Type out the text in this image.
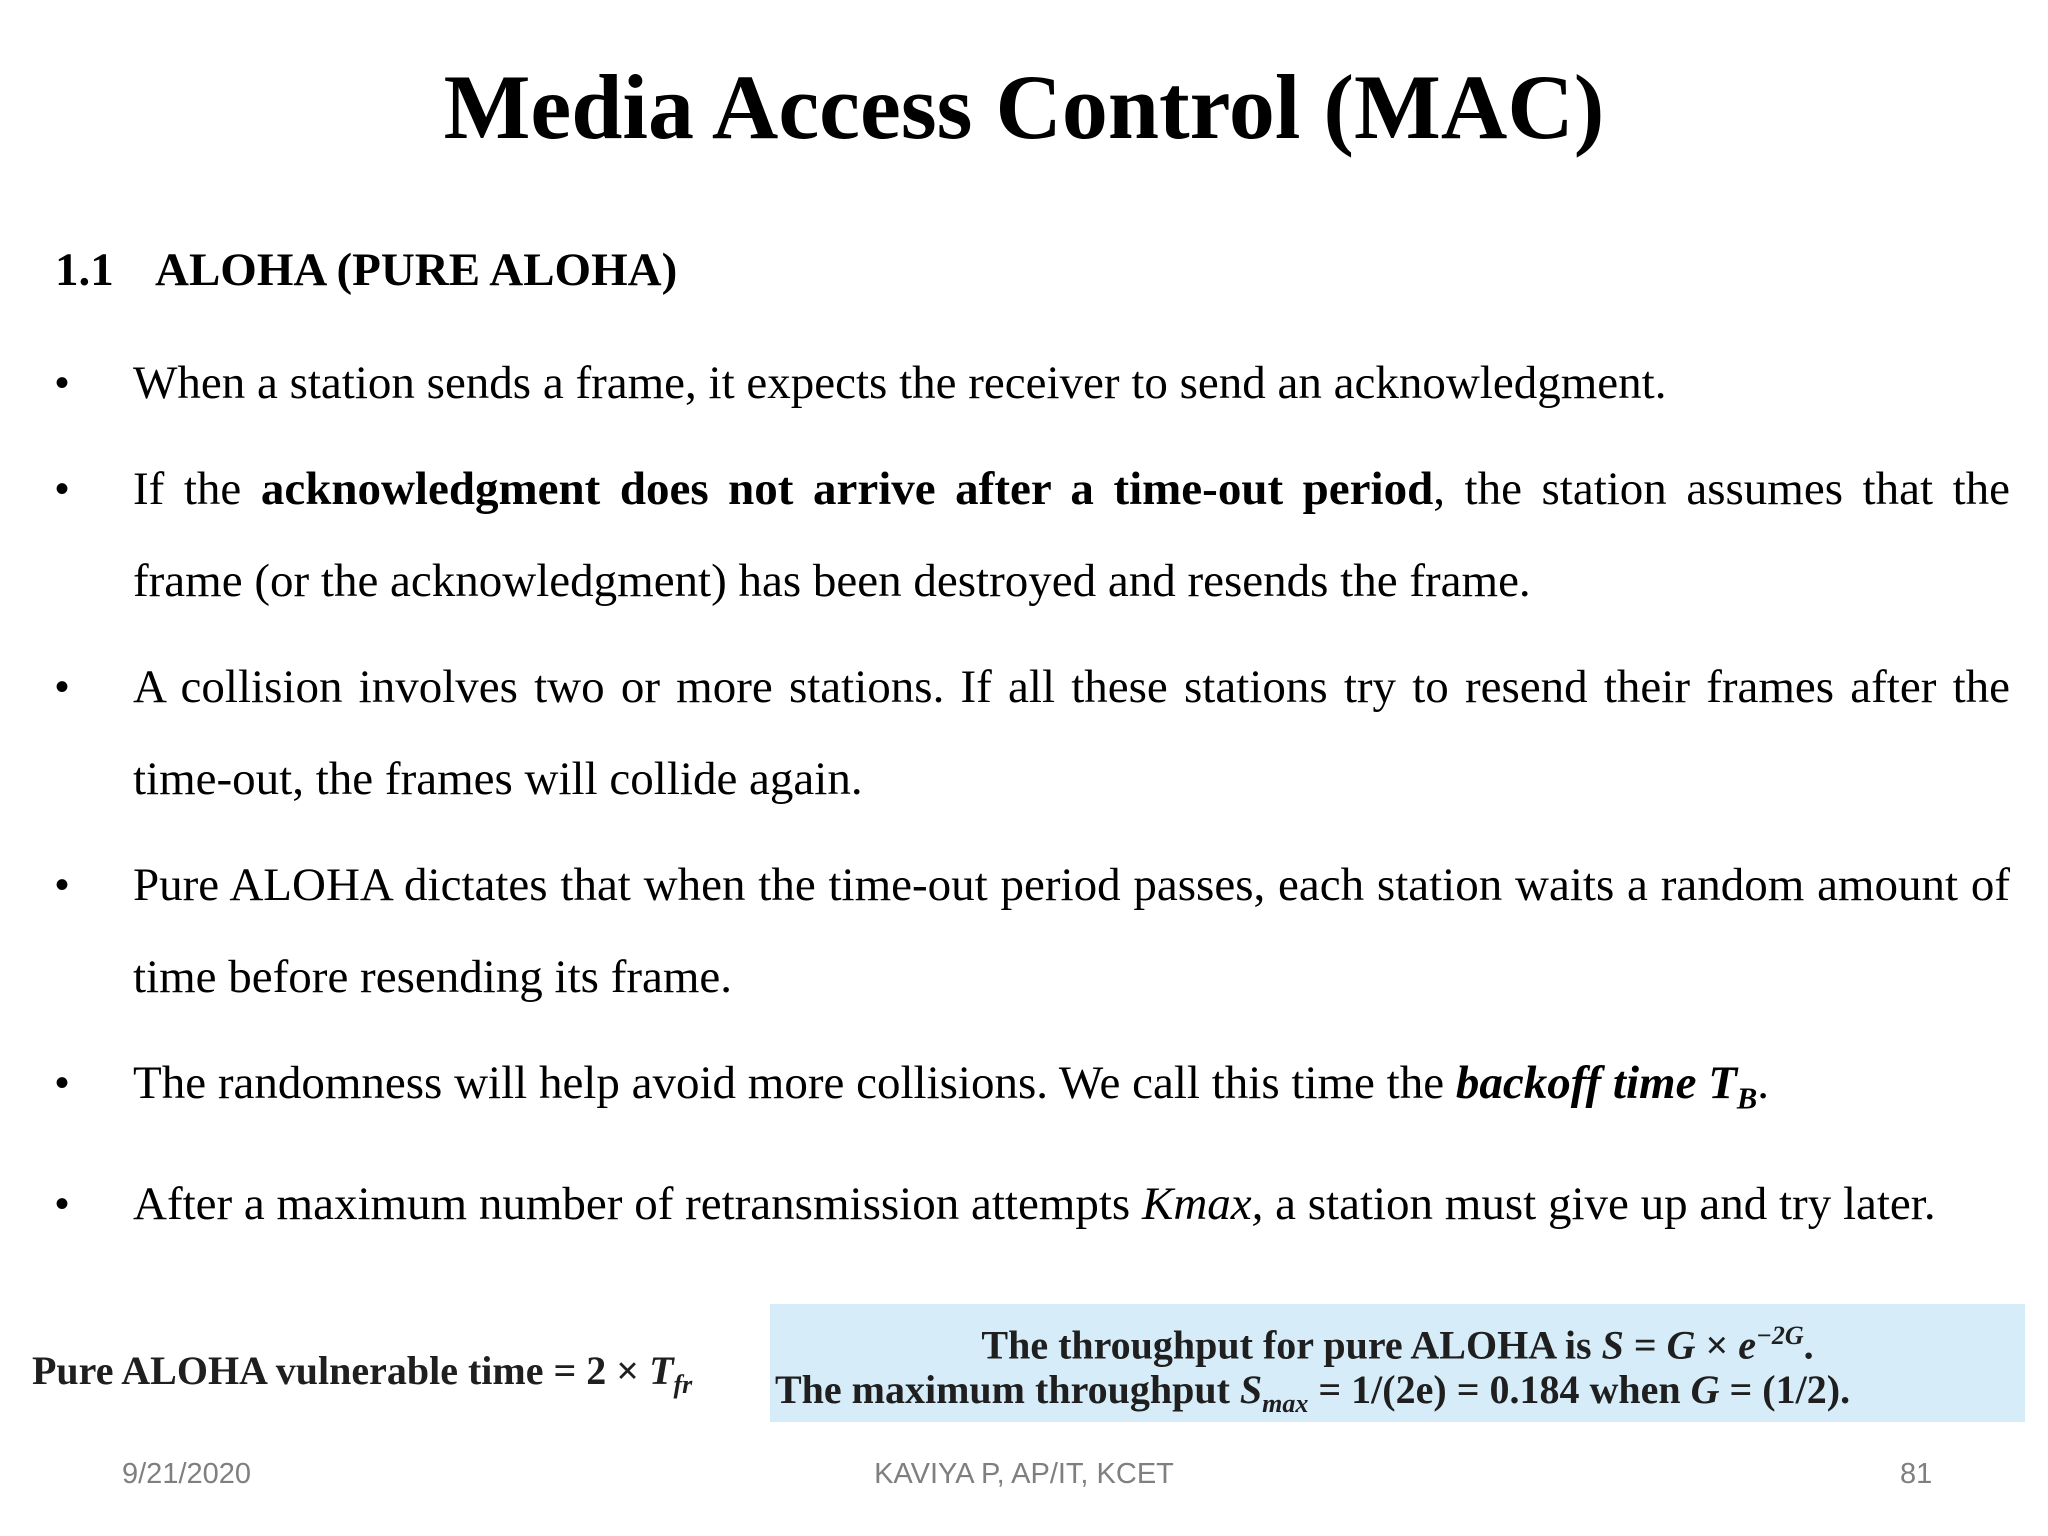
Media Access Control (MAC)
1.1 ALOHA (PURE ALOHA)
•	When a station sends a frame, it expects the receiver to send an acknowledgment.
•	If the acknowledgment does not arrive after a time-out period, the station assumes that the frame (or the acknowledgment) has been destroyed and resends the frame.
•	A collision involves two or more stations. If all these stations try to resend their frames after the time-out, the frames will collide again.
•	Pure ALOHA dictates that when the time-out period passes, each station waits a random amount of time before resending its frame.
•	The randomness will help avoid more collisions. We call this time the backoff time $T_B$.
•	After a maximum number of retransmission attempts Kmax, a station must give up and try later.
Pure ALOHA vulnerable time = $2 \times T_{fr}$
The throughput for pure ALOHA is $S = G \times e^{-2G}$.
The maximum throughput $S_{max} = 1/(2e) = 0.184$ when G = (1/2).
9/21/2020	KAVIYA P, AP/IT, KCET	81
